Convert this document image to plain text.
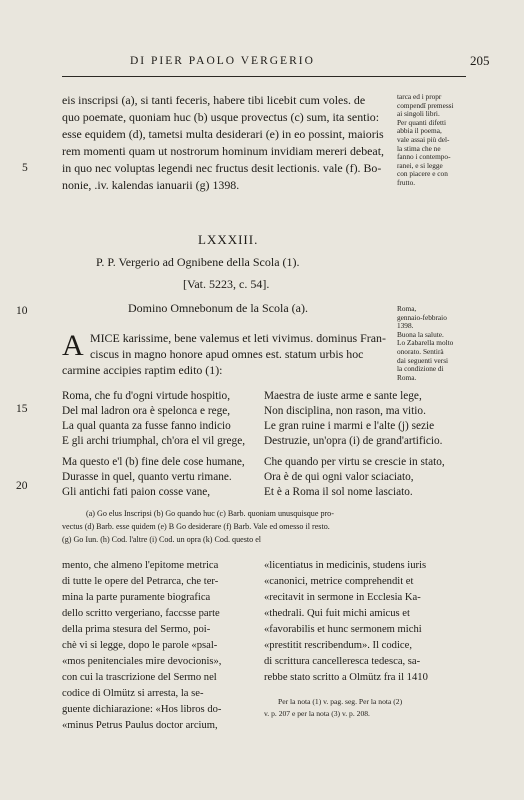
DI PIER PAOLO VERGERIO	205
eis inscripsi (a), si tanti feceris, habere tibi licebit cum voles. de
quo poemate, quoniam huc (b) usque provectus (c) sum, ita sentio:
esse equidem (d), tametsi multa desiderari (e) in eo possint, maioris
rem momenti quam ut nostrorum hominum invidiam mereri debeat,
in quo nec voluptas legendi nec fructus desit lectionis. vale (f). Bo-
nonie, .iv. kalendas ianuarii (g) 1398.
5
10
15
20
tarca ed i propr
compendî premessi
ai singoli libri.
Per quanti difetti
abbia il poema,
vale assai più del-
la stima che ne
fanno i contempo-
ranei, e si legge
con piacere e con
frutto.
LXXXIII.
P. P. Vergerio ad Ognibene della Scola (1).
[Vat. 5223, c. 54].
Domino Omnebonum de la Scola (a).
A MICE karissime, bene valemus et leti vivimus. dominus Fran-
ciscus in magno honore apud omnes est. statum urbis hoc
carmine accipies raptim edito (1):
Roma,
gennaio-febbraio
1398.
Buona la salute.
Lo Zabarella molto
onorato. Sentirà
dai seguenti versi
la condizione di
Roma.
Roma, che fu d'ogni virtude hospitio,
Del mal ladron ora è spelonca e rege,
La qual quanta za fusse fanno indicio
E gli archi triumphal, ch'ora el vil grege,
Ma questo e'l (b) fine dele cose humane,
Durasse in quel, quanto vertu rimane.
Gli antichi fati paion cosse vane,
Maestra de iuste arme e sante lege,
Non disciplina, non rason, ma vitio.
Le gran ruine i marmi e l'alte (j) sezie
Destruzie, un'opra (i) de grand'artificio.
Che quando per virtu se crescie in stato,
Ora è de qui ogni valor sciaciato,
Et è a Roma il sol nome lasciato.
(a) Go elus Inscripsi (b) Go quando huc (c) Barb. quoniam unusquisque pro-
vectus (d) Barb. esse quidem (e) B Go desiderare (f) Barb. Vale ed omesso il resto.
(g) Go Iun. (h) Cod. l'altre (i) Cod. un opra (k) Cod. questo el
mento, che almeno l'epitome metrica
di tutte le opere del Petrarca, che ter-
mina la parte puramente biografica
dello scritto vergeriano, faccsse parte
della prima stesura del Sermo, poi-
chè vi si legge, dopo le parole «psal-
«mos penitenciales mire devocionis»,
con cui la trascrizione del Sermo nel
codice di Olmütz si arresta, la se-
guente dichiarazione: «Hos libros do-
«minus Petrus Paulus doctor arcium,
«licentiatus in medicinis, studens iuris
«canonici, metrice comprehendit et
«recitavit in sermone in Ecclesia Ka-
«thedrali. Qui fuit michi amicus et
«favorabilis et hunc sermonem michi
«prestitit rescribendum». Il codice,
di scrittura cancelleresca tedesca, sa-
rebbe stato scritto a Olmütz fra il 1410
Per la nota (1) v. pag. seg. Per la nota (2)
v. p. 207 e per la nota (3) v. p. 208.
